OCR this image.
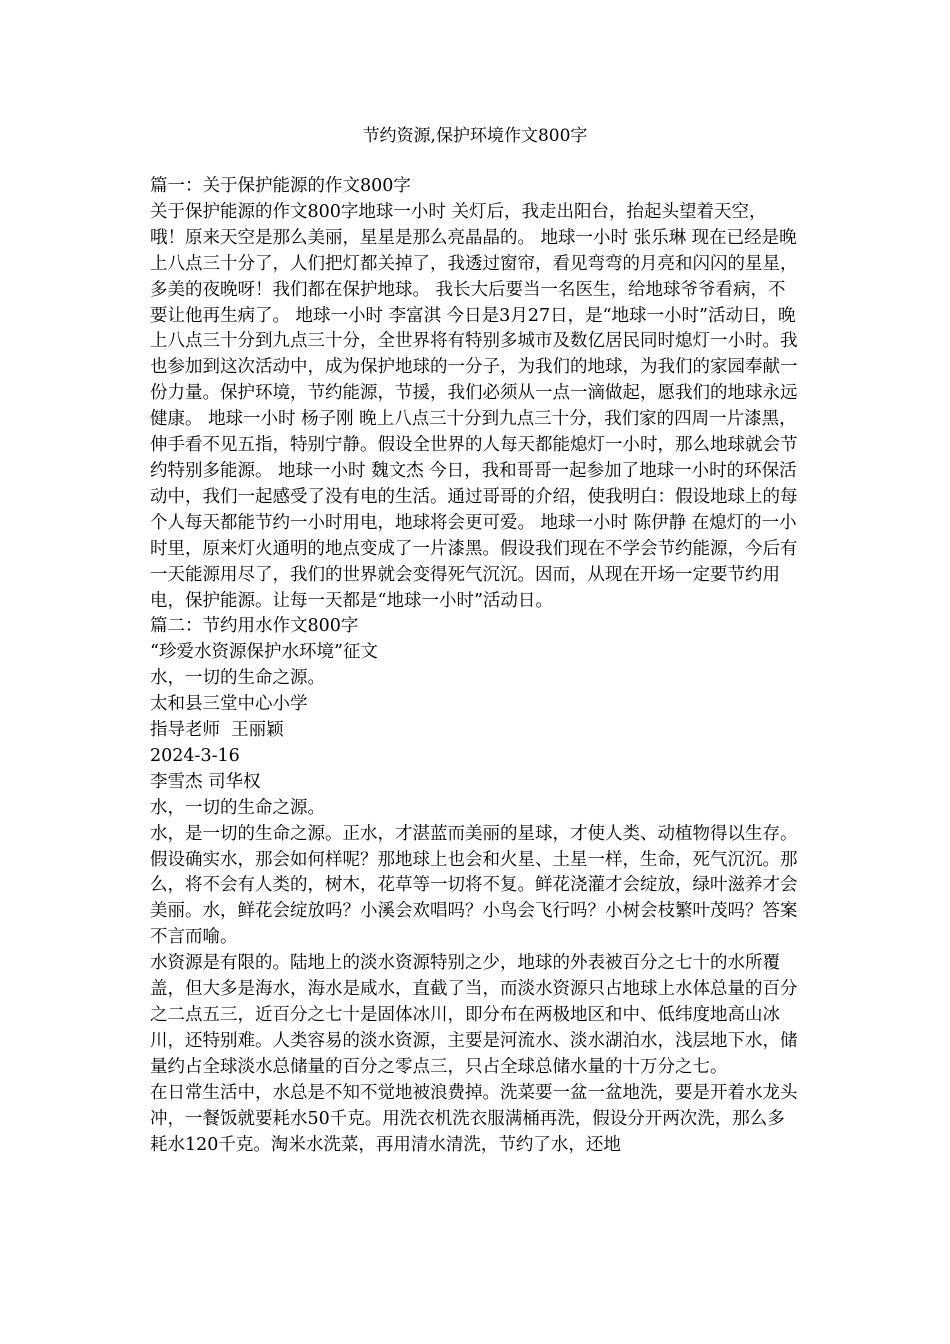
节约资源,保护环境作文800字

篇一：关于保护能源的作文800字

关于保护能源的作文800字地球一小时 关灯后，我走出阳台，抬起头望着天空，哦！原来天空是那么美丽，星星是那么亮晶晶的。 地球一小时 张乐琳 现在已经是晚上八点三十分了，人们把灯都关掉了，我透过窗帘，看见弯弯的月亮和闪闪的星星，多美的夜晚呀！我们都在保护地球。 我长大后要当一名医生，给地球爷爷看病，不要让他再生病了。 地球一小时 李富淇 今日是3月27日，是“地球一小时”活动日，晚上八点三十分到九点三十分，全世界将有特别多城市及数亿居民同时熄灯一小时。我也参加到这次活动中，成为保护地球的一分子，为我们的地球，为我们的家园奉献一份力量。保护环境，节约能源，节援，我们必须从一点一滴做起，愿我们的地球永远健康。 地球一小时 杨子刚 晚上八点三十分到九点三十分，我们家的四周一片漆黑，伸手看不见五指，特别宁静。假设全世界的人每天都能熄灯一小时，那么地球就会节约特别多能源。 地球一小时 魏文杰 今日，我和哥哥一起参加了地球一小时的环保活动中，我们一起感受了没有电的生活。通过哥哥的介绍，使我明白：假设地球上的每个人每天都能节约一小时用电，地球将会更可爱。 地球一小时 陈伊静 在熄灯的一小时里，原来灯火通明的地点变成了一片漆黑。假设我们现在不学会节约能源，今后有一天能源用尽了，我们的世界就会变得死气沉沉。因而，从现在开场一定要节约用电，保护能源。让每一天都是“地球一小时”活动日。

篇二：节约用水作文800字

“珍爱水资源保护水环境”征文

水，一切的生命之源。

太和县三堂中心小学

指导老师  王丽颖

2024-3-16

李雪杰 司华权

水，一切的生命之源。

水，是一切的生命之源。正水，才湛蓝而美丽的星球，才使人类、动植物得以生存。

假设确实水，那会如何样呢？那地球上也会和火星、土星一样，生命，死气沉沉。那么，将不会有人类的，树木，花草等一切将不复。鲜花浇灌才会绽放，绿叶滋养才会美丽。水，鲜花会绽放吗？小溪会欢唱吗？小鸟会飞行吗？小树会枝繁叶茂吗？答案不言而喻。

水资源是有限的。陆地上的淡水资源特别之少，地球的外表被百分之七十的水所覆盖，但大多是海水，海水是咸水，直截了当，而淡水资源只占地球上水体总量的百分之二点五三，近百分之七十是固体冰川，即分布在两极地区和中、低纬度地高山冰川，还特别难。人类容易的淡水资源，主要是河流水、淡水湖泊水，浅层地下水，储量约占全球淡水总储量的百分之零点三，只占全球总储水量的十万分之七。

在日常生活中，水总是不知不觉地被浪费掉。洗菜要一盆一盆地洗，要是开着水龙头冲，一餐饭就要耗水50千克。用洗衣机洗衣服满桶再洗，假设分开两次洗，那么多耗水120千克。淘米水洗菜，再用清水清洗，节约了水，还地
